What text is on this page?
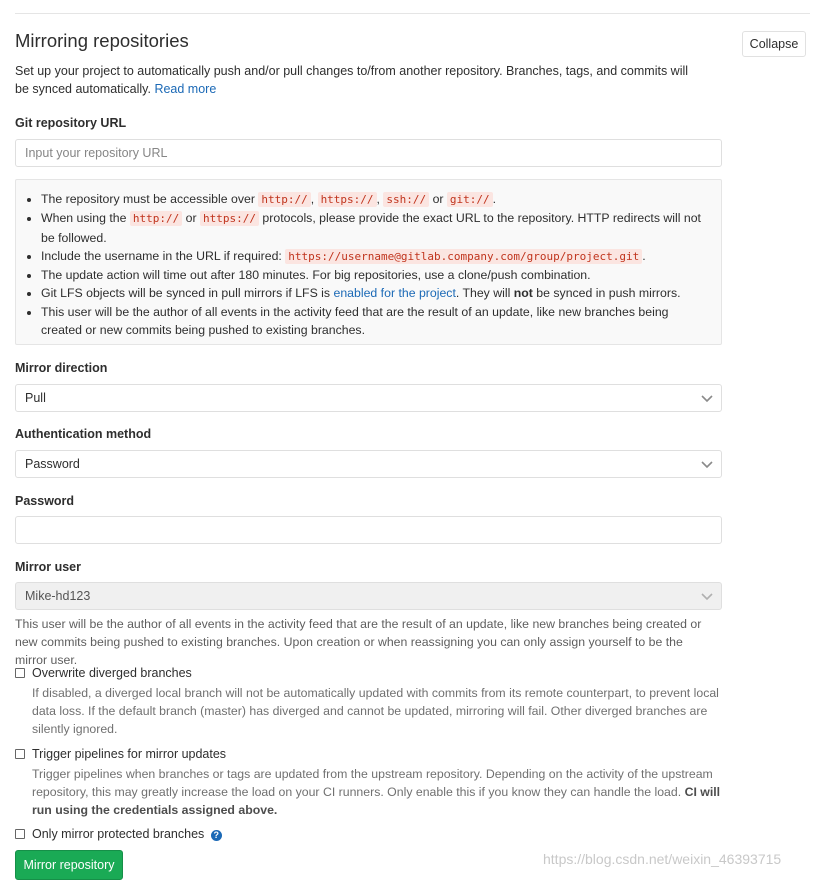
Mirroring repositories	Collapse
Set up your project to automatically push and/or pull changes to/from another repository. Branches, tags, and commits will be synced automatically. Read more
Git repository URL
Input your repository URL
• The repository must be accessible over http:// , https:// , ssh:// or git:// .
• When using the http:// or https:// protocols, please provide the exact URL to the repository. HTTP redirects will not be followed.
• Include the username in the URL if required: https://username@gitlab.company.com/group/project.git .
• The update action will time out after 180 minutes. For big repositories, use a clone/push combination.
• Git LFS objects will be synced in pull mirrors if LFS is enabled for the project. They will not be synced in push mirrors.
• This user will be the author of all events in the activity feed that are the result of an update, like new branches being created or new commits being pushed to existing branches.
Mirror direction
Pull
Authentication method
Password
Password
Mirror user
Mike-hd123
This user will be the author of all events in the activity feed that are the result of an update, like new branches being created or new commits being pushed to existing branches. Upon creation or when reassigning you can only assign yourself to be the mirror user.
Overwrite diverged branches
If disabled, a diverged local branch will not be automatically updated with commits from its remote counterpart, to prevent local data loss. If the default branch (master) has diverged and cannot be updated, mirroring will fail. Other diverged branches are silently ignored.
Trigger pipelines for mirror updates
Trigger pipelines when branches or tags are updated from the upstream repository. Depending on the activity of the upstream repository, this may greatly increase the load on your CI runners. Only enable this if you know they can handle the load. CI will run using the credentials assigned above.
Only mirror protected branches ?
Mirror repository	https://blog.csdn.net/weixin_46393715
